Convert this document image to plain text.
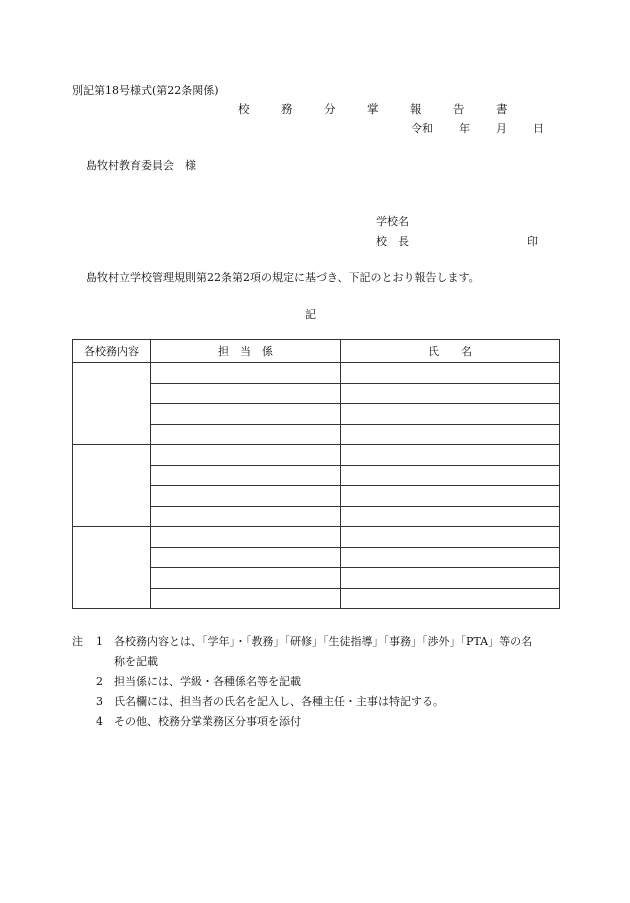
別記第18号様式(第22条関係)
校　務　分　掌　報　告　書
令和 年 月 日
島牧村教育委員会　様
学校名
校　長	印
島牧村立学校管理規則第22条第2項の規定に基づき、下記のとおり報告します。
記
各校務内容	担　当　係	氏　　名

注 1 各校務内容とは、「学年」・「教務」「研修」「生徒指導」「事務」「渉外」「PTA」等の名
称を記載
2 担当係には、学級・各種係名等を記載
3 氏名欄には、担当者の氏名を記入し、各種主任・主事は特記する。
4 その他、校務分掌業務区分事項を添付
